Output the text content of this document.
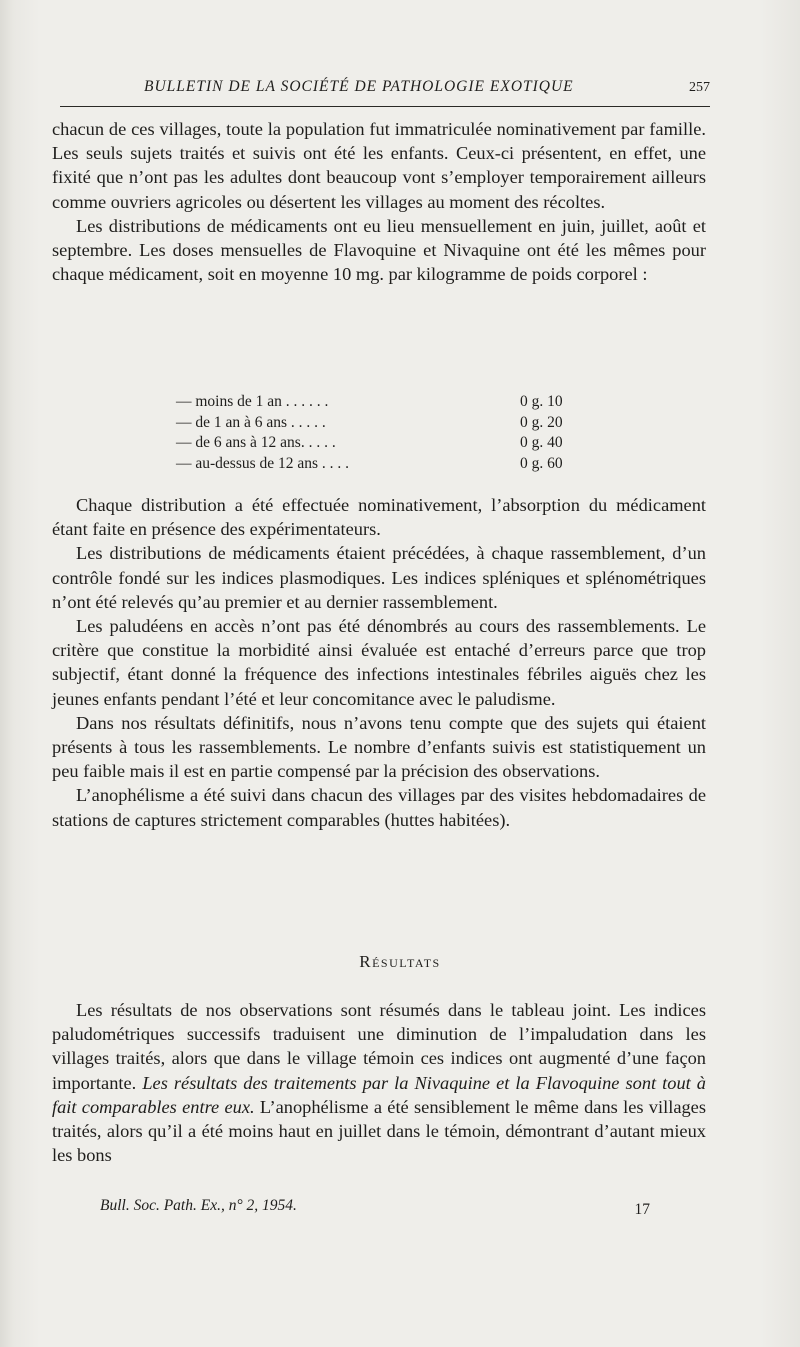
BULLETIN DE LA SOCIÉTÉ DE PATHOLOGIE EXOTIQUE	257

chacun de ces villages, toute la population fut immatriculée nominativement par famille. Les seuls sujets traités et suivis ont été les enfants. Ceux-ci présentent, en effet, une fixité que n’ont pas les adultes dont beaucoup vont s’employer temporairement ailleurs comme ouvriers agricoles ou désertent les villages au moment des récoltes.

Les distributions de médicaments ont eu lieu mensuellement en juin, juillet, août et septembre. Les doses mensuelles de Flavoquine et Nivaquine ont été les mêmes pour chaque médicament, soit en moyenne 10 mg. par kilogramme de poids corporel :

— moins de 1 an . . . . . .	0 g. 10
— de 1 an à 6 ans . . . . .	0 g. 20
— de 6 ans à 12 ans. . . . .	0 g. 40
— au-dessus de 12 ans . . . .	0 g. 60

Chaque distribution a été effectuée nominativement, l’absorption du médicament étant faite en présence des expérimentateurs.

Les distributions de médicaments étaient précédées, à chaque rassemblement, d’un contrôle fondé sur les indices plasmodiques. Les indices spléniques et splénométriques n’ont été relevés qu’au premier et au dernier rassemblement.

Les paludéens en accès n’ont pas été dénombrés au cours des rassemblements. Le critère que constitue la morbidité ainsi évaluée est entaché d’erreurs parce que trop subjectif, étant donné la fréquence des infections intestinales fébriles aiguës chez les jeunes enfants pendant l’été et leur concomitance avec le paludisme.

Dans nos résultats définitifs, nous n’avons tenu compte que des sujets qui étaient présents à tous les rassemblements. Le nombre d’enfants suivis est statistiquement un peu faible mais il est en partie compensé par la précision des observations.

L’anophélisme a été suivi dans chacun des villages par des visites hebdomadaires de stations de captures strictement comparables (huttes habitées).

Résultats

Les résultats de nos observations sont résumés dans le tableau joint. Les indices paludométriques successifs traduisent une diminution de l’impaludation dans les villages traités, alors que dans le village témoin ces indices ont augmenté d’une façon importante. Les résultats des traitements par la Nivaquine et la Flavoquine sont tout à fait comparables entre eux. L’anophélisme a été sensiblement le même dans les villages traités, alors qu’il a été moins haut en juillet dans le témoin, démontrant d’autant mieux les bons

Bull. Soc. Path. Ex., n° 2, 1954.	17
